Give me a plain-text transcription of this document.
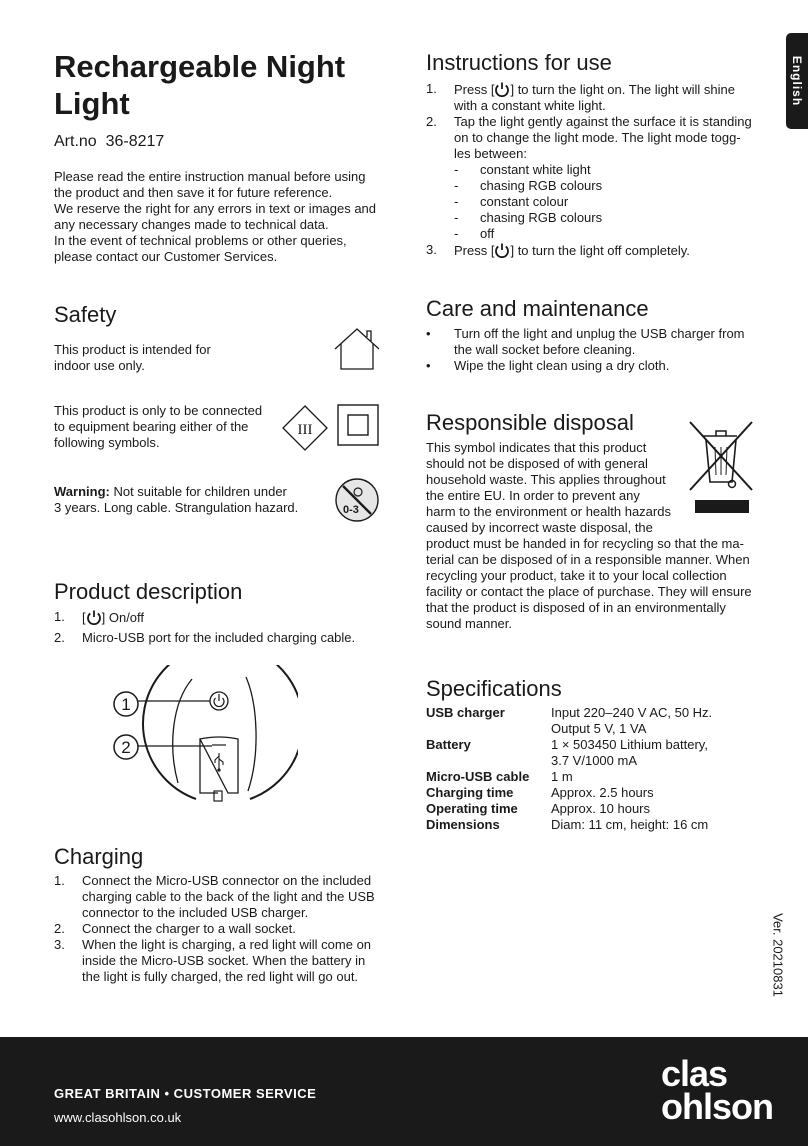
English
Ver. 20210831
Rechargeable Night
Light
Art.no  36-8217
Please read the entire instruction manual before using
the product and then save it for future reference.
We reserve the right for any errors in text or images and
any necessary changes made to technical data.
In the event of technical problems or other queries,
please contact our Customer Services.
Safety
This product is intended for
indoor use only.
This product is only to be connected
to equipment bearing either of the
following symbols.
III
Warning: Not suitable for children under
3 years. Long cable. Strangulation hazard.	0-3
Product description
1. [ ] On/off
2. Micro-USB port for the included charging cable.
1
2
Charging
1. Connect the Micro-USB connector on the included
charging cable to the back of the light and the USB
connector to the included USB charger.
2. Connect the charger to a wall socket.
3. When the light is charging, a red light will come on
inside the Micro-USB socket. When the battery in
the light is fully charged, the red light will go out.
Instructions for use
1. Press [ ] to turn the light on. The light will shine
with a constant white light.
2. Tap the light gently against the surface it is standing
on to change the light mode. The light mode togg-
les between:
- constant white light
- chasing RGB colours
- constant colour
- chasing RGB colours
- off
3. Press [ ] to turn the light off completely.
Care and maintenance
• Turn off the light and unplug the USB charger from
the wall socket before cleaning.
• Wipe the light clean using a dry cloth.
Responsible disposal
This symbol indicates that this product
should not be disposed of with general
household waste. This applies throughout
the entire EU. In order to prevent any
harm to the environment or health hazards
caused by incorrect waste disposal, the
product must be handed in for recycling so that the ma-
terial can be disposed of in a responsible manner. When
recycling your product, take it to your local collection
facility or contact the place of purchase. They will ensure
that the product is disposed of in an environmentally
sound manner.
Specifications
USB charger	Input 220–240 V AC, 50 Hz.
Output 5 V, 1 VA
Battery	1 × 503450 Lithium battery,
3.7 V/1000 mA
Micro-USB cable 1 m
Charging time	Approx. 2.5 hours
Operating time	Approx. 10 hours
Dimensions	Diam: 11 cm, height: 16 cm
GREAT BRITAIN • CUSTOMER SERVICE
www.clasohlson.co.uk
clas
ohlson
